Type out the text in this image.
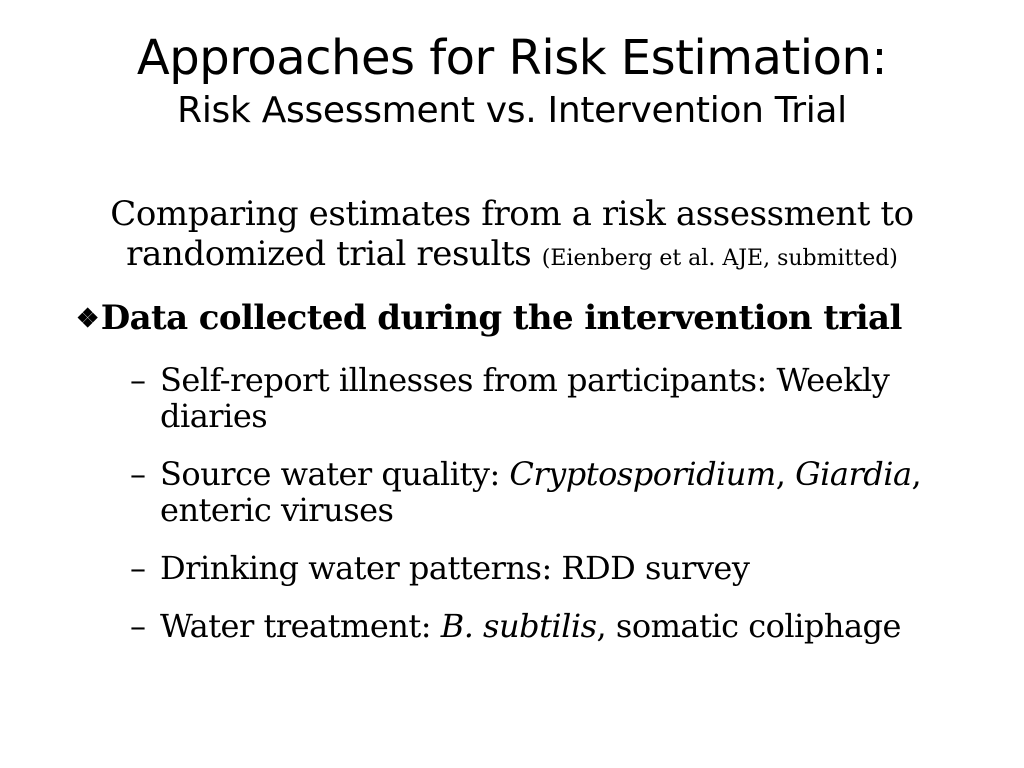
Approaches for Risk Estimation:
Risk Assessment vs. Intervention Trial
Comparing estimates from a risk assessment to randomized trial results (Eienberg et al. AJE, submitted)
❖Data collected during the intervention trial
– Self-report illnesses from participants: Weekly diaries
– Source water quality: Cryptosporidium, Giardia, enteric viruses
– Drinking water patterns: RDD survey
– Water treatment: B. subtilis, somatic coliphage
